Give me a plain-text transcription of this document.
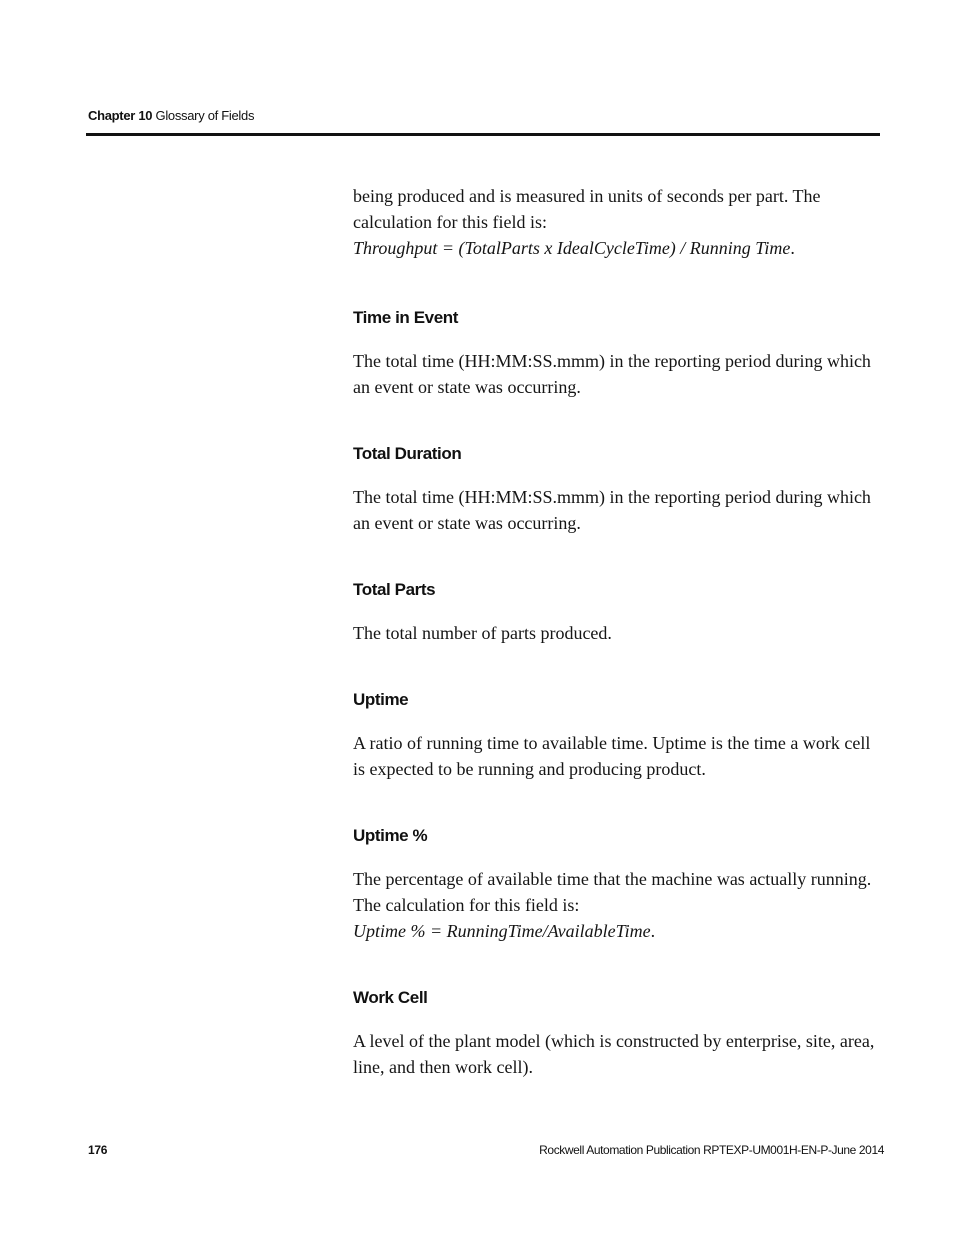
Chapter 10 Glossary of Fields

being produced and is measured in units of seconds per part. The calculation for this field is:
Throughput = (TotalParts x IdealCycleTime) / Running Time.

Time in Event

The total time (HH:MM:SS.mmm) in the reporting period during which an event or state was occurring.

Total Duration

The total time (HH:MM:SS.mmm) in the reporting period during which an event or state was occurring.

Total Parts

The total number of parts produced.

Uptime

A ratio of running time to available time. Uptime is the time a work cell is expected to be running and producing product.

Uptime %

The percentage of available time that the machine was actually running. The calculation for this field is:
Uptime % = RunningTime/AvailableTime.

Work Cell

A level of the plant model (which is constructed by enterprise, site, area, line, and then work cell).

176	Rockwell Automation Publication RPTEXP-UM001H-EN-P-June 2014
